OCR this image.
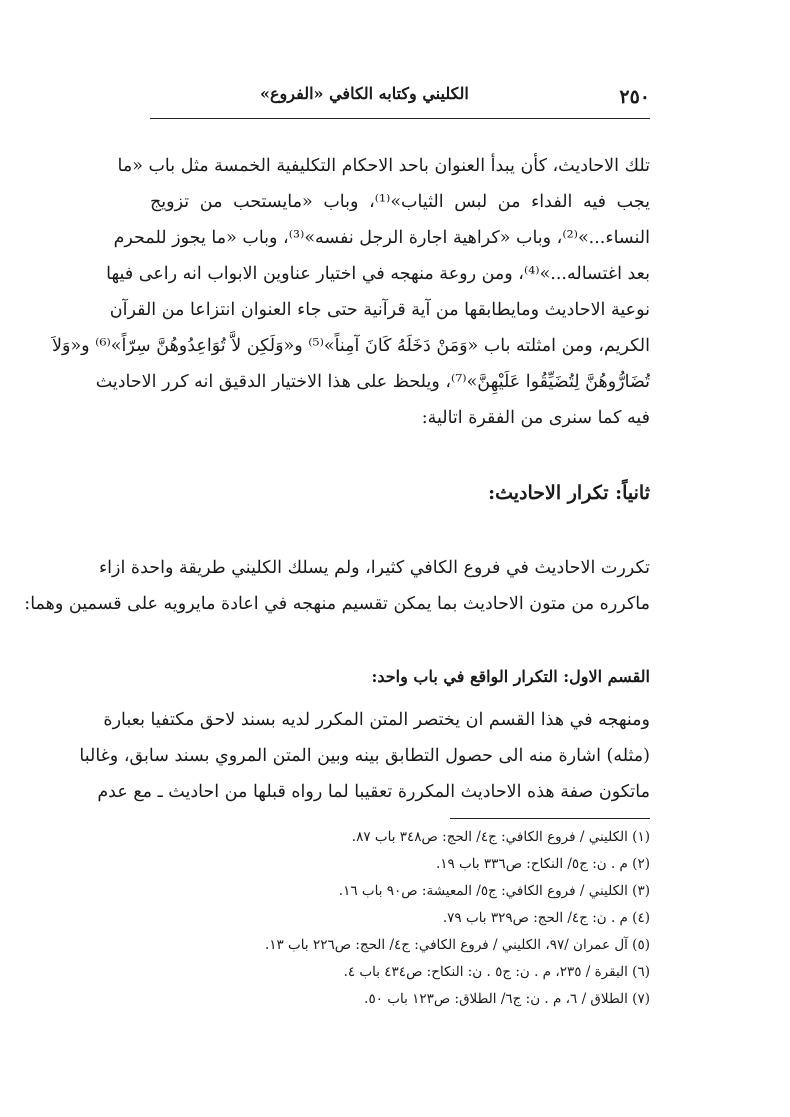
٢٥٠
الكليني وكتابه الكافي «الفروع»
تلك الاحاديث، كأن يبدأ العنوان باحد الاحكام التكليفية الخمسة مثل باب «ما
يجب فيه الفداء من لبس الثياب»⁽¹⁾، وباب «مايستحب من تزويج
النساء...»⁽²⁾، وباب «كراهية اجارة الرجل نفسه»⁽³⁾، وباب «ما يجوز للمحرم
بعد اغتساله...»⁽⁴⁾، ومن روعة منهجه في اختيار عناوين الابواب انه راعى فيها
نوعية الاحاديث ومايطابقها من آية قرآنية حتى جاء العنوان انتزاعا من القرآن
الكريم، ومن امثلته باب «وَمَنْ دَخَلَهُ كَانَ آمِناً»⁽⁵⁾ و«وَلَكِن لاَّ تُوَاعِدُوهُنَّ سِرّاً»⁽⁶⁾ و«وَلاَ
تُضَارُّوهُنَّ لِتُضَيِّقُوا عَلَيْهِنَّ»⁽⁷⁾، ويلحظ على هذا الاختيار الدقيق انه كرر الاحاديث
فيه كما سنرى من الفقرة اتالية:
ثانياً: تكرار الاحاديث:
تكررت الاحاديث في فروع الكافي كثيرا، ولم يسلك الكليني طريقة واحدة ازاء
ماكرره من متون الاحاديث بما يمكن تقسيم منهجه في اعادة مايرويه على قسمين وهما:
القسم الاول: التكرار الواقع في باب واحد:
ومنهجه في هذا القسم ان يختصر المتن المكرر لديه بسند لاحق مكتفيا بعبارة
(مثله) اشارة منه الى حصول التطابق بينه وبين المتن المروي بسند سابق، وغالبا
ماتكون صفة هذه الاحاديث المكررة تعقيبا لما رواه قبلها من احاديث ـ مع عدم
(١) الكليني / فروع الكافي: ج٤/ الحج: ص٣٤٨ باب ٨٧.
(٢) م . ن: ج٥/ النكاح: ص٣٣٦ باب ١٩.
(٣) الكليني / فروع الكافي: ج٥/ المعيشة: ص٩٠ باب ١٦.
(٤) م . ن: ج٤/ الحج: ص٣٢٩ باب ٧٩.
(٥) آل عمران /٩٧، الكليني / فروع الكافي: ج٤/ الحج: ص٢٢٦ باب ١٣.
(٦) البقرة / ٢٣٥، م . ن: ج٥ . ن: النكاح: ص٤٣٤ باب ٤.
(٧) الطلاق / ٦، م . ن: ج٦/ الطلاق: ص١٢٣ باب ٥٠.
